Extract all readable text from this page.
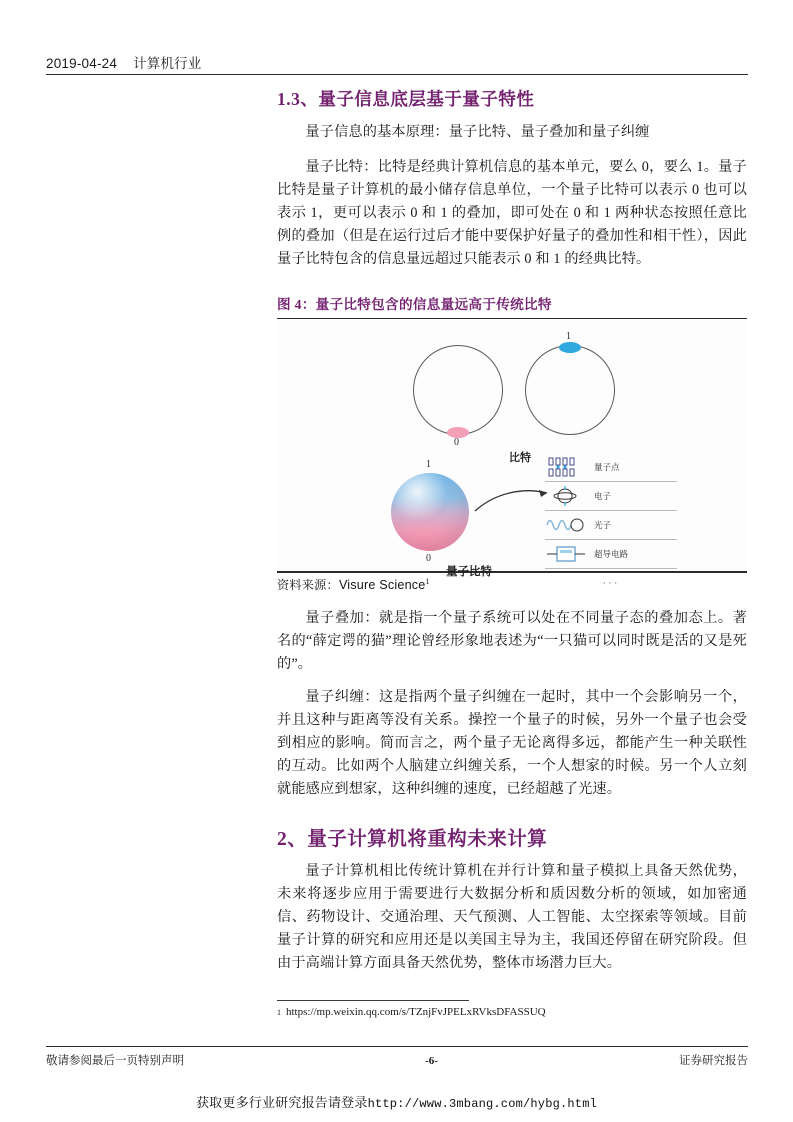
2019-04-24 计算机行业
1.3、量子信息底层基于量子特性

量子信息的基本原理：量子比特、量子叠加和量子纠缠

量子比特：比特是经典计算机信息的基本单元，要么 0，要么 1。量子比特是量子计算机的最小储存信息单位，一个量子比特可以表示 0 也可以表示 1，更可以表示 0 和 1 的叠加，即可处在 0 和 1 两种状态按照任意比例的叠加（但是在运行过后才能中要保护好量子的叠加性和相干性），因此量子比特包含的信息量远超过只能表示 0 和 1 的经典比特。

图 4：量子比特包含的信息量远高于传统比特
0
1
比特
1
0
量子比特
量子点
电子
光子
超导电路
···
资料来源：Visure Science$^1$

量子叠加：就是指一个量子系统可以处在不同量子态的叠加态上。著名的“薛定谔的猫”理论曾经形象地表述为“一只猫可以同时既是活的又是死的”。

量子纠缠：这是指两个量子纠缠在一起时，其中一个会影响另一个，并且这种与距离等没有关系。操控一个量子的时候，另外一个量子也会受到相应的影响。简而言之，两个量子无论离得多远，都能产生一种关联性的互动。比如两个人脑建立纠缠关系，一个人想家的时候。另一个人立刻就能感应到想家，这种纠缠的速度，已经超越了光速。

2、量子计算机将重构未来计算

量子计算机相比传统计算机在并行计算和量子模拟上具备天然优势，未来将逐步应用于需要进行大数据分析和质因数分析的领域，如加密通信、药物设计、交通治理、天气预测、人工智能、太空探索等领域。目前量子计算的研究和应用还是以美国主导为主，我国还停留在研究阶段。但由于高端计算方面具备天然优势，整体市场潜力巨大。

1 https://mp.weixin.qq.com/s/TZnjFvJPELxRVksDFASSUQ
敬请参阅最后一页特别声明	-6-	证券研究报告
获取更多行业研究报告请登录http://www.3mbang.com/hybg.html
